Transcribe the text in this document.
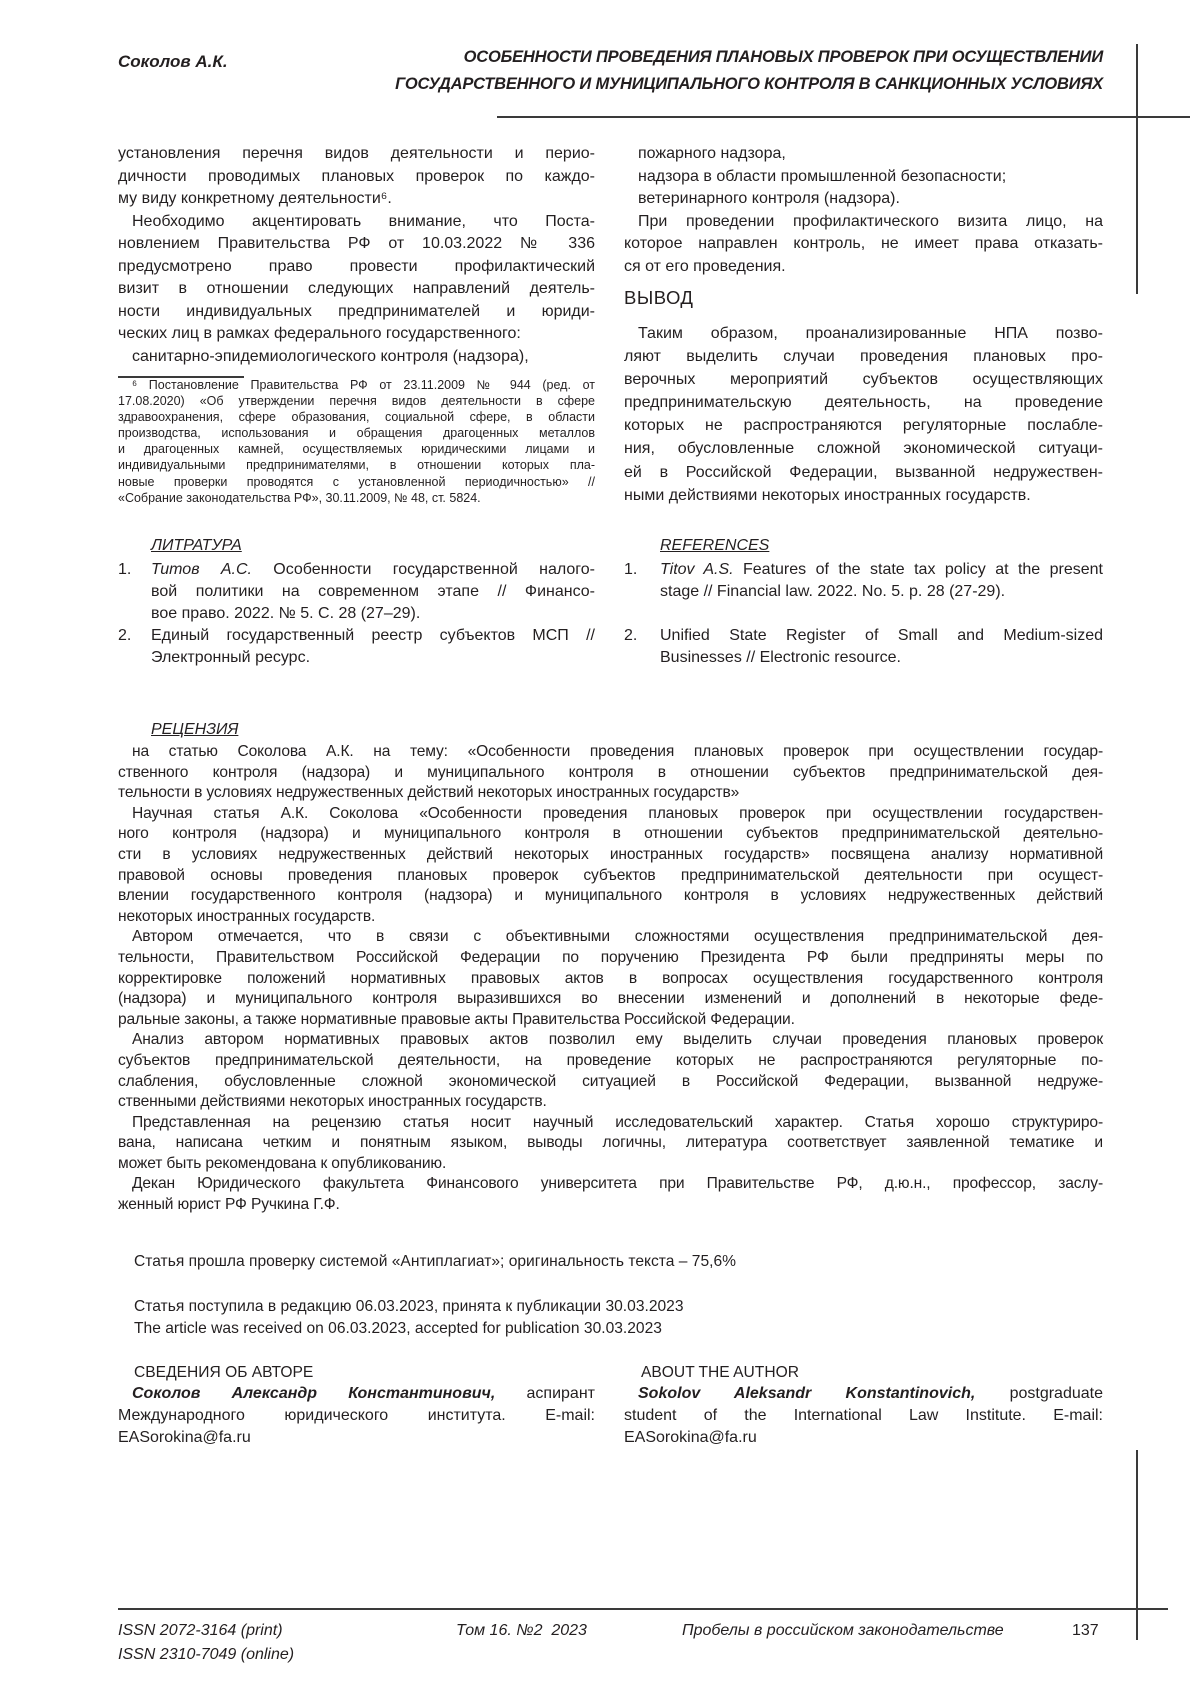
Соколов А.К.	ОСОБЕННОСТИ ПРОВЕДЕНИЯ ПЛАНОВЫХ ПРОВЕРОК ПРИ ОСУЩЕСТВЛЕНИИ
ГОСУДАРСТВЕННОГО И МУНИЦИПАЛЬНОГО КОНТРОЛЯ В САНКЦИОННЫХ УСЛОВИЯХ
установления перечня видов деятельности и перио-
дичности проводимых плановых проверок по каждо-
му виду конкретному деятельности⁶.
Необходимо акцентировать внимание, что Поста-
новлением Правительства РФ от 10.03.2022 № 336
предусмотрено право провести профилактический
визит в отношении следующих направлений деятель-
ности индивидуальных предпринимателей и юриди-
ческих лиц в рамках федерального государственного:
санитарно-эпидемиологического контроля (надзора),
⁶ Постановление Правительства РФ от 23.11.2009 № 944 (ред. от
17.08.2020) «Об утверждении перечня видов деятельности в сфере
здравоохранения, сфере образования, социальной сфере, в области
производства, использования и обращения драгоценных металлов
и драгоценных камней, осуществляемых юридическими лицами и
индивидуальными предпринимателями, в отношении которых пла-
новые проверки проводятся с установленной периодичностью» //
«Собрание законодательства РФ», 30.11.2009, № 48, ст. 5824.
пожарного надзора,
надзора в области промышленной безопасности;
ветеринарного контроля (надзора).
При проведении профилактического визита лицо, на
которое направлен контроль, не имеет права отказать-
ся от его проведения.
ВЫВОД
Таким образом, проанализированные НПА позво-
ляют выделить случаи проведения плановых про-
верочных мероприятий субъектов осуществляющих
предпринимательскую деятельность, на проведение
которых не распространяются регуляторные послабле-
ния, обусловленные сложной экономической ситуаци-
ей в Российской Федерации, вызванной недружествен-
ными действиями некоторых иностранных государств.
ЛИТРАТУРА
1. Титов А.С. Особенности государственной налого-
вой политики на современном этапе // Финансо-
вое право. 2022. № 5. С. 28 (27–29).
2. Единый государственный реестр субъектов МСП //
Электронный ресурс.
REFERENCES
1. Titov A.S. Features of the state tax policy at the present
stage // Financial law. 2022. No. 5. p. 28 (27-29).
2. Unified State Register of Small and Medium-sized
Businesses // Electronic resource.
РЕЦЕНЗИЯ
на статью Соколова А.К. на тему: «Особенности проведения плановых проверок при осуществлении государ-
ственного контроля (надзора) и муниципального контроля в отношении субъектов предпринимательской дея-
тельности в условиях недружественных действий некоторых иностранных государств»
Научная статья А.К. Соколова «Особенности проведения плановых проверок при осуществлении государствен-
ного контроля (надзора) и муниципального контроля в отношении субъектов предпринимательской деятельно-
сти в условиях недружественных действий некоторых иностранных государств» посвящена анализу нормативной
правовой основы проведения плановых проверок субъектов предпринимательской деятельности при осущест-
влении государственного контроля (надзора) и муниципального контроля в условиях недружественных действий
некоторых иностранных государств.
Автором отмечается, что в связи с объективными сложностями осуществления предпринимательской дея-
тельности, Правительством Российской Федерации по поручению Президента РФ были предприняты меры по
корректировке положений нормативных правовых актов в вопросах осуществления государственного контроля
(надзора) и муниципального контроля выразившихся во внесении изменений и дополнений в некоторые феде-
ральные законы, а также нормативные правовые акты Правительства Российской Федерации.
Анализ автором нормативных правовых актов позволил ему выделить случаи проведения плановых проверок
субъектов предпринимательской деятельности, на проведение которых не распространяются регуляторные по-
слабления, обусловленные сложной экономической ситуацией в Российской Федерации, вызванной недруже-
ственными действиями некоторых иностранных государств.
Представленная на рецензию статья носит научный исследовательский характер. Статья хорошо структуриро-
вана, написана четким и понятным языком, выводы логичны, литература соответствует заявленной тематике и
может быть рекомендована к опубликованию.
Декан Юридического факультета Финансового университета при Правительстве РФ, д.ю.н., профессор, заслу-
женный юрист РФ Ручкина Г.Ф.
Статья прошла проверку системой «Антиплагиат»; оригинальность текста – 75,6%
Статья поступила в редакцию 06.03.2023, принята к публикации 30.03.2023
The article was received on 06.03.2023, accepted for publication 30.03.2023
СВЕДЕНИЯ ОБ АВТОРЕ
Соколов Александр Константинович, аспирант
Международного юридического института. E-mail:
EASorokina@fa.ru
ABOUT THE AUTHOR
Sokolov Aleksandr Konstantinovich, postgraduate
student of the International Law Institute. E-mail:
EASorokina@fa.ru
ISSN 2072-3164 (print)
ISSN 2310-7049 (online)
Том 16. №2  2023	Пробелы в российском законодательстве	137
